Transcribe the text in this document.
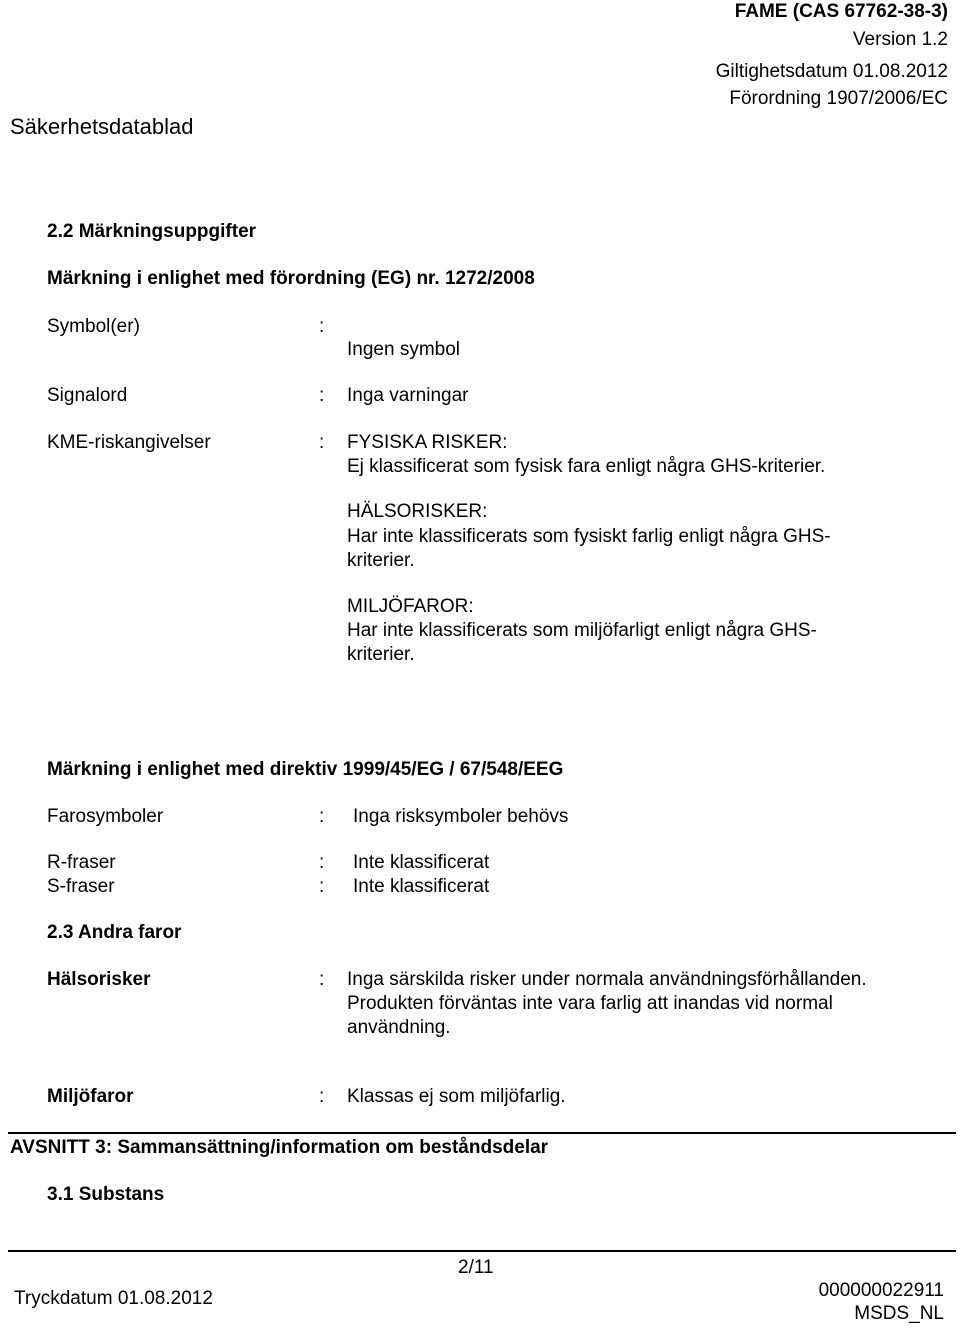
FAME (CAS 67762-38-3)
Version 1.2
Giltighetsdatum 01.08.2012
Förordning 1907/2006/EC
Säkerhetsdatablad
2.2 Märkningsuppgifter
Märkning i enlighet med förordning (EG) nr. 1272/2008
Symbol(er)	:
Ingen symbol
Signalord	: Inga varningar
KME-riskangivelser	: FYSISKA RISKER:
Ej klassificerat som fysisk fara enligt några GHS-kriterier.
HÄLSORISKER:
Har inte klassificerats som fysiskt farlig enligt några GHS-
kriterier.
MILJÖFAROR:
Har inte klassificerats som miljöfarligt enligt några GHS-
kriterier.
Märkning i enlighet med direktiv 1999/45/EG / 67/548/EEG
Farosymboler	: Inga risksymboler behövs
R-fraser	: Inte klassificerat
S-fraser	: Inte klassificerat
2.3 Andra faror
Hälsorisker	: Inga särskilda risker under normala användningsförhållanden.
Produkten förväntas inte vara farlig att inandas vid normal
användning.
Miljöfaror	: Klassas ej som miljöfarlig.
AVSNITT 3: Sammansättning/information om beståndsdelar
3.1 Substans
2/11
Tryckdatum 01.08.2012	000000022911
MSDS_NL
